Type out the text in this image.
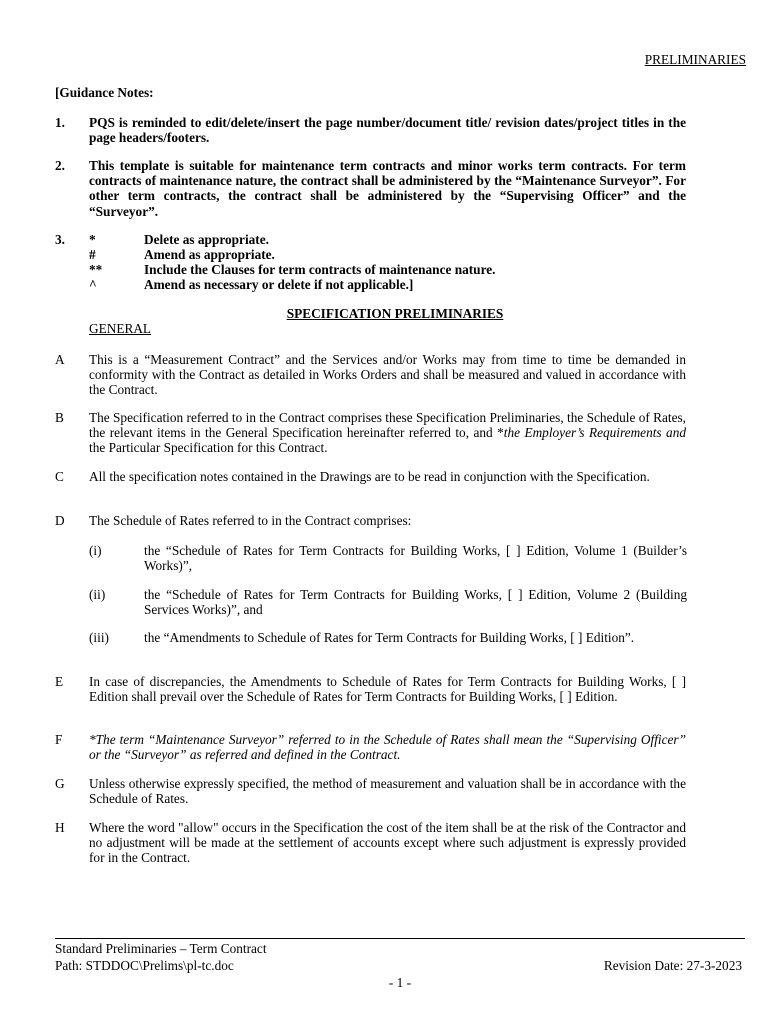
PRELIMINARIES
[Guidance Notes:
1.	PQS is reminded to edit/delete/insert the page number/document title/ revision dates/project titles in the page headers/footers.
2.	This template is suitable for maintenance term contracts and minor works term contracts. For term contracts of maintenance nature, the contract shall be administered by the “Maintenance Surveyor”. For other term contracts, the contract shall be administered by the “Supervising Officer” and the “Surveyor”.
3.	*	Delete as appropriate.
#	Amend as appropriate.
**	Include the Clauses for term contracts of maintenance nature.
^	Amend as necessary or delete if not applicable.]
SPECIFICATION PRELIMINARIES
GENERAL
A	This is a “Measurement Contract” and the Services and/or Works may from time to time be demanded in conformity with the Contract as detailed in Works Orders and shall be measured and valued in accordance with the Contract.
B	The Specification referred to in the Contract comprises these Specification Preliminaries, the Schedule of Rates, the relevant items in the General Specification hereinafter referred to, and *the Employer’s Requirements and the Particular Specification for this Contract.
C	All the specification notes contained in the Drawings are to be read in conjunction with the Specification.
D	The Schedule of Rates referred to in the Contract comprises:
(i)	the “Schedule of Rates for Term Contracts for Building Works, [ ] Edition, Volume 1 (Builder’s Works)”,
(ii)	the “Schedule of Rates for Term Contracts for Building Works, [ ] Edition, Volume 2 (Building Services Works)”, and
(iii)	the “Amendments to Schedule of Rates for Term Contracts for Building Works, [ ] Edition”.
E	In case of discrepancies, the Amendments to Schedule of Rates for Term Contracts for Building Works, [ ] Edition shall prevail over the Schedule of Rates for Term Contracts for Building Works, [ ] Edition.
F	*The term “Maintenance Surveyor” referred to in the Schedule of Rates shall mean the “Supervising Officer” or the “Surveyor” as referred and defined in the Contract.
G	Unless otherwise expressly specified, the method of measurement and valuation shall be in accordance with the Schedule of Rates.
H	Where the word "allow" occurs in the Specification the cost of the item shall be at the risk of the Contractor and no adjustment will be made at the settlement of accounts except where such adjustment is expressly provided for in the Contract.
Standard Preliminaries – Term Contract
Path: STDDOC\Prelims\pl-tc.doc	Revision Date: 27-3-2023
- 1 -
